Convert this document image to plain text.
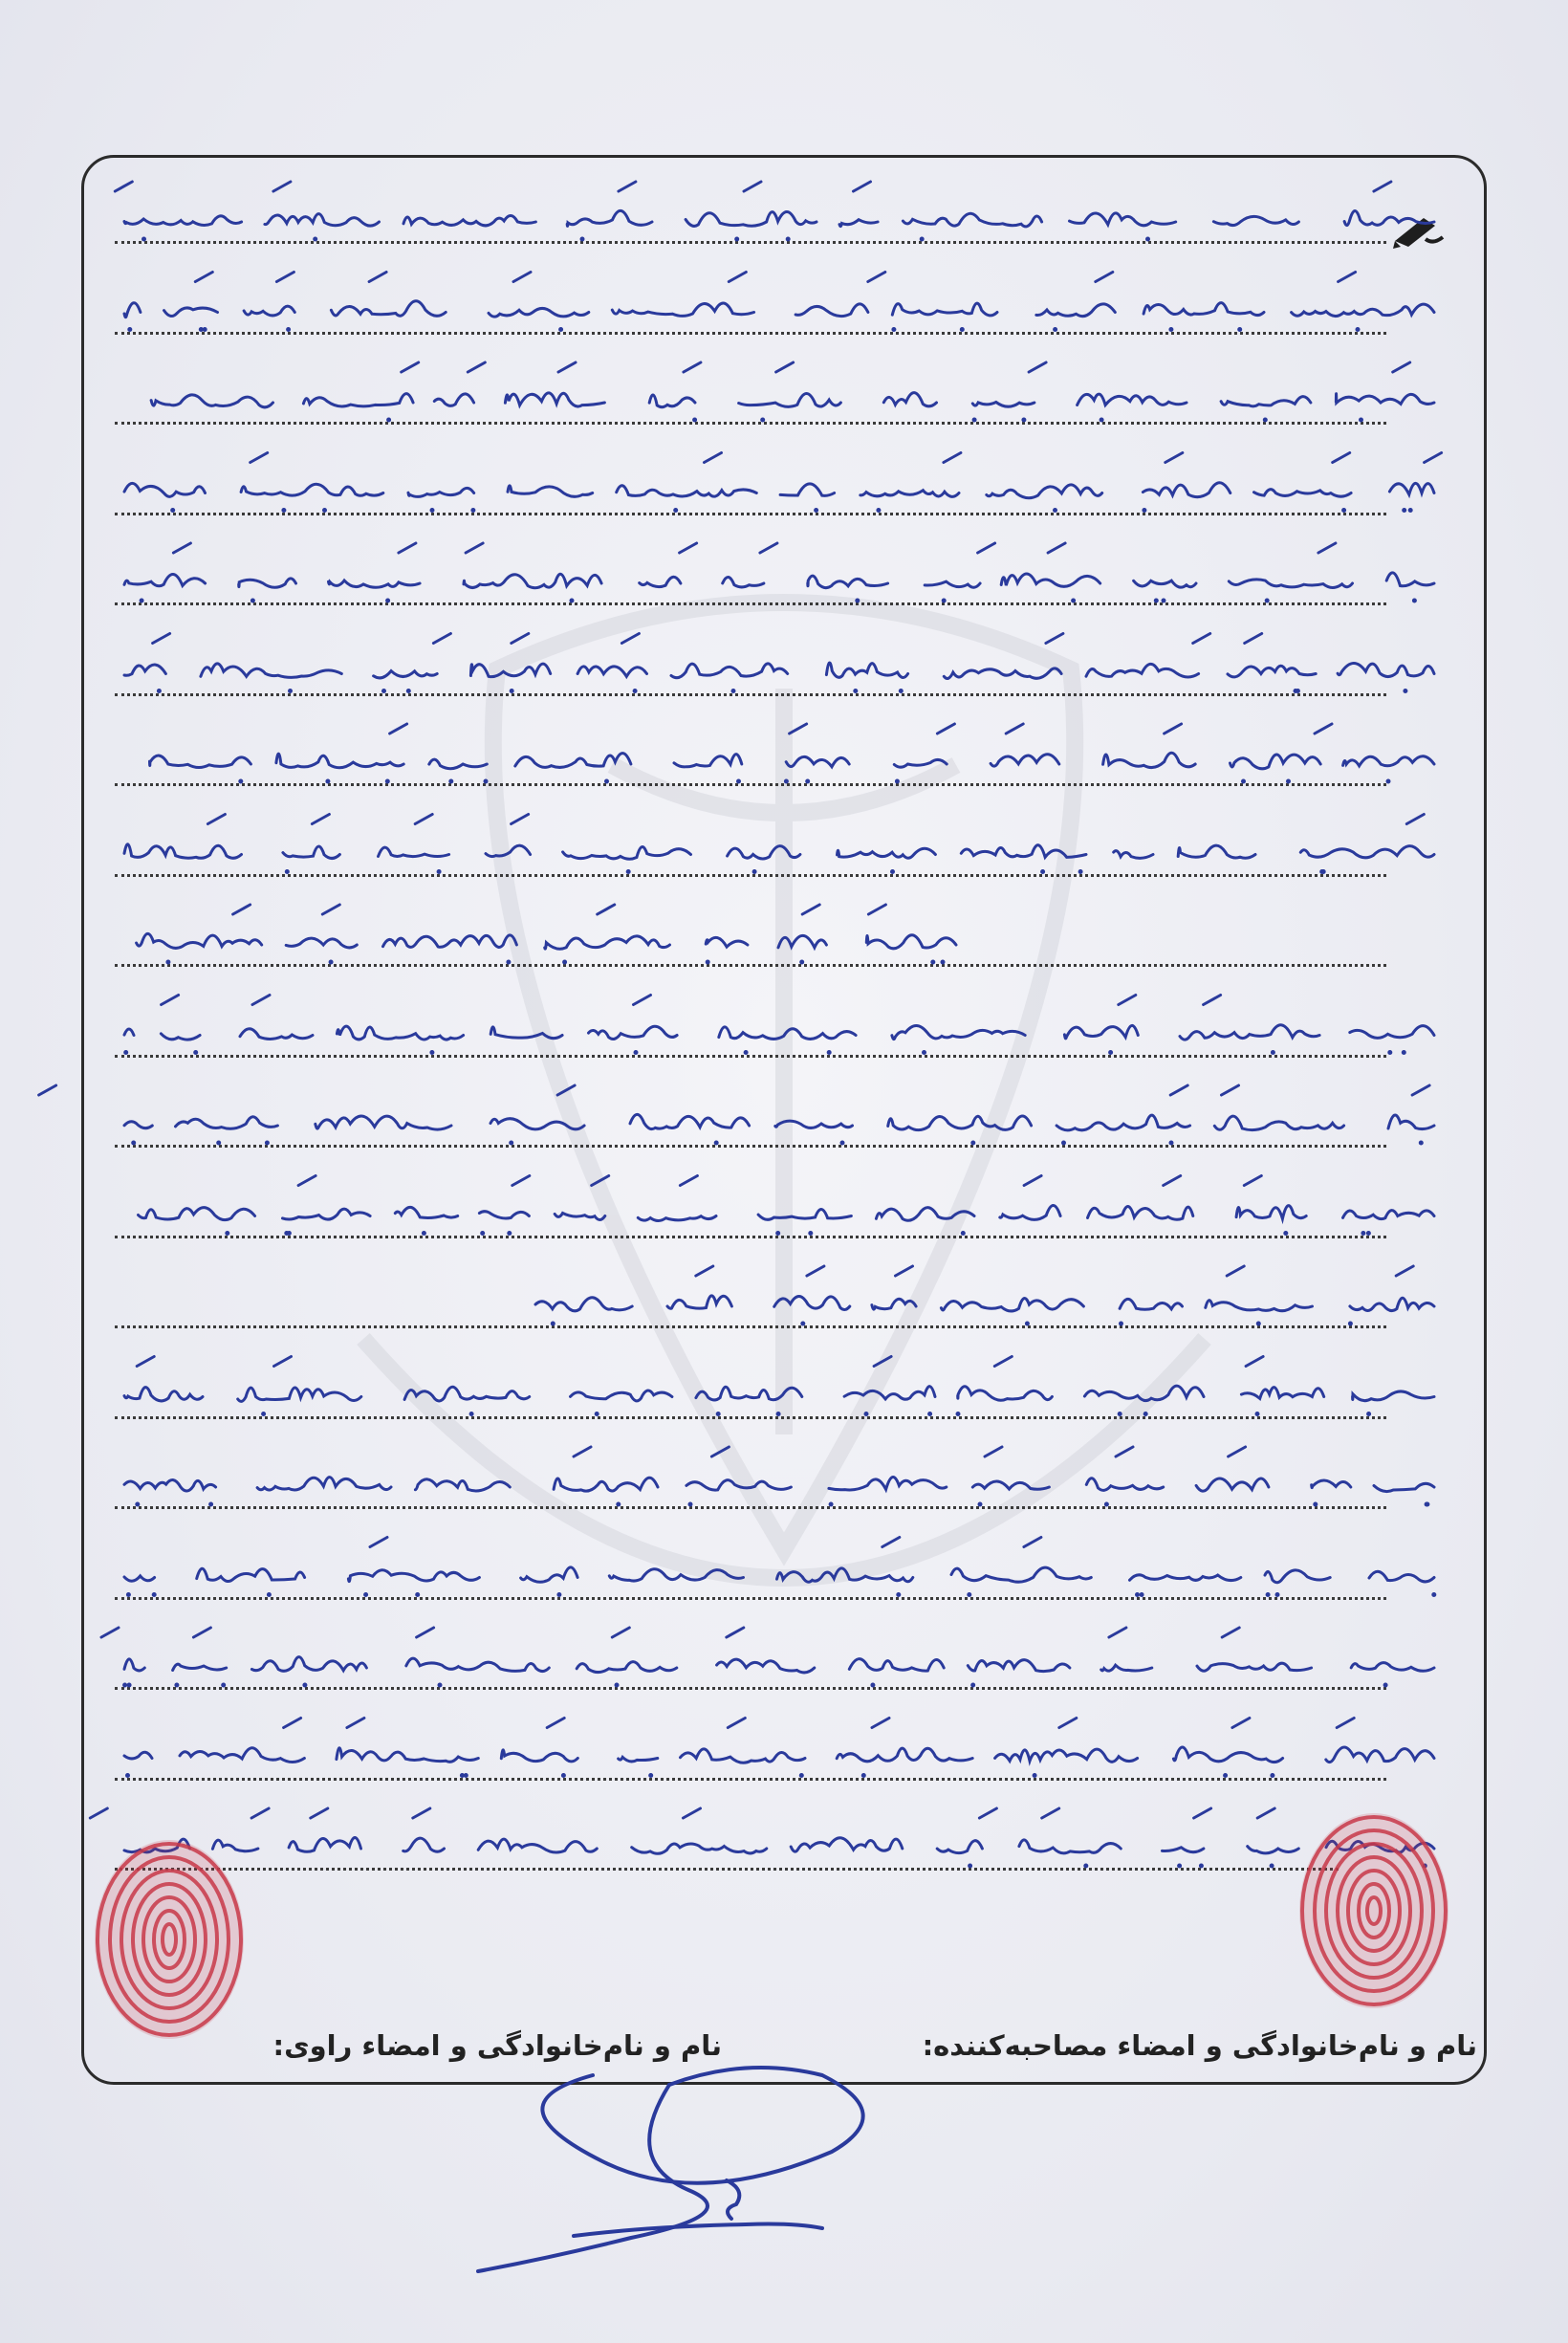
نام و نام‌خانوادگی و امضاء مصاحبه‌کننده:
نام و نام‌خانوادگی و امضاء راوی:
